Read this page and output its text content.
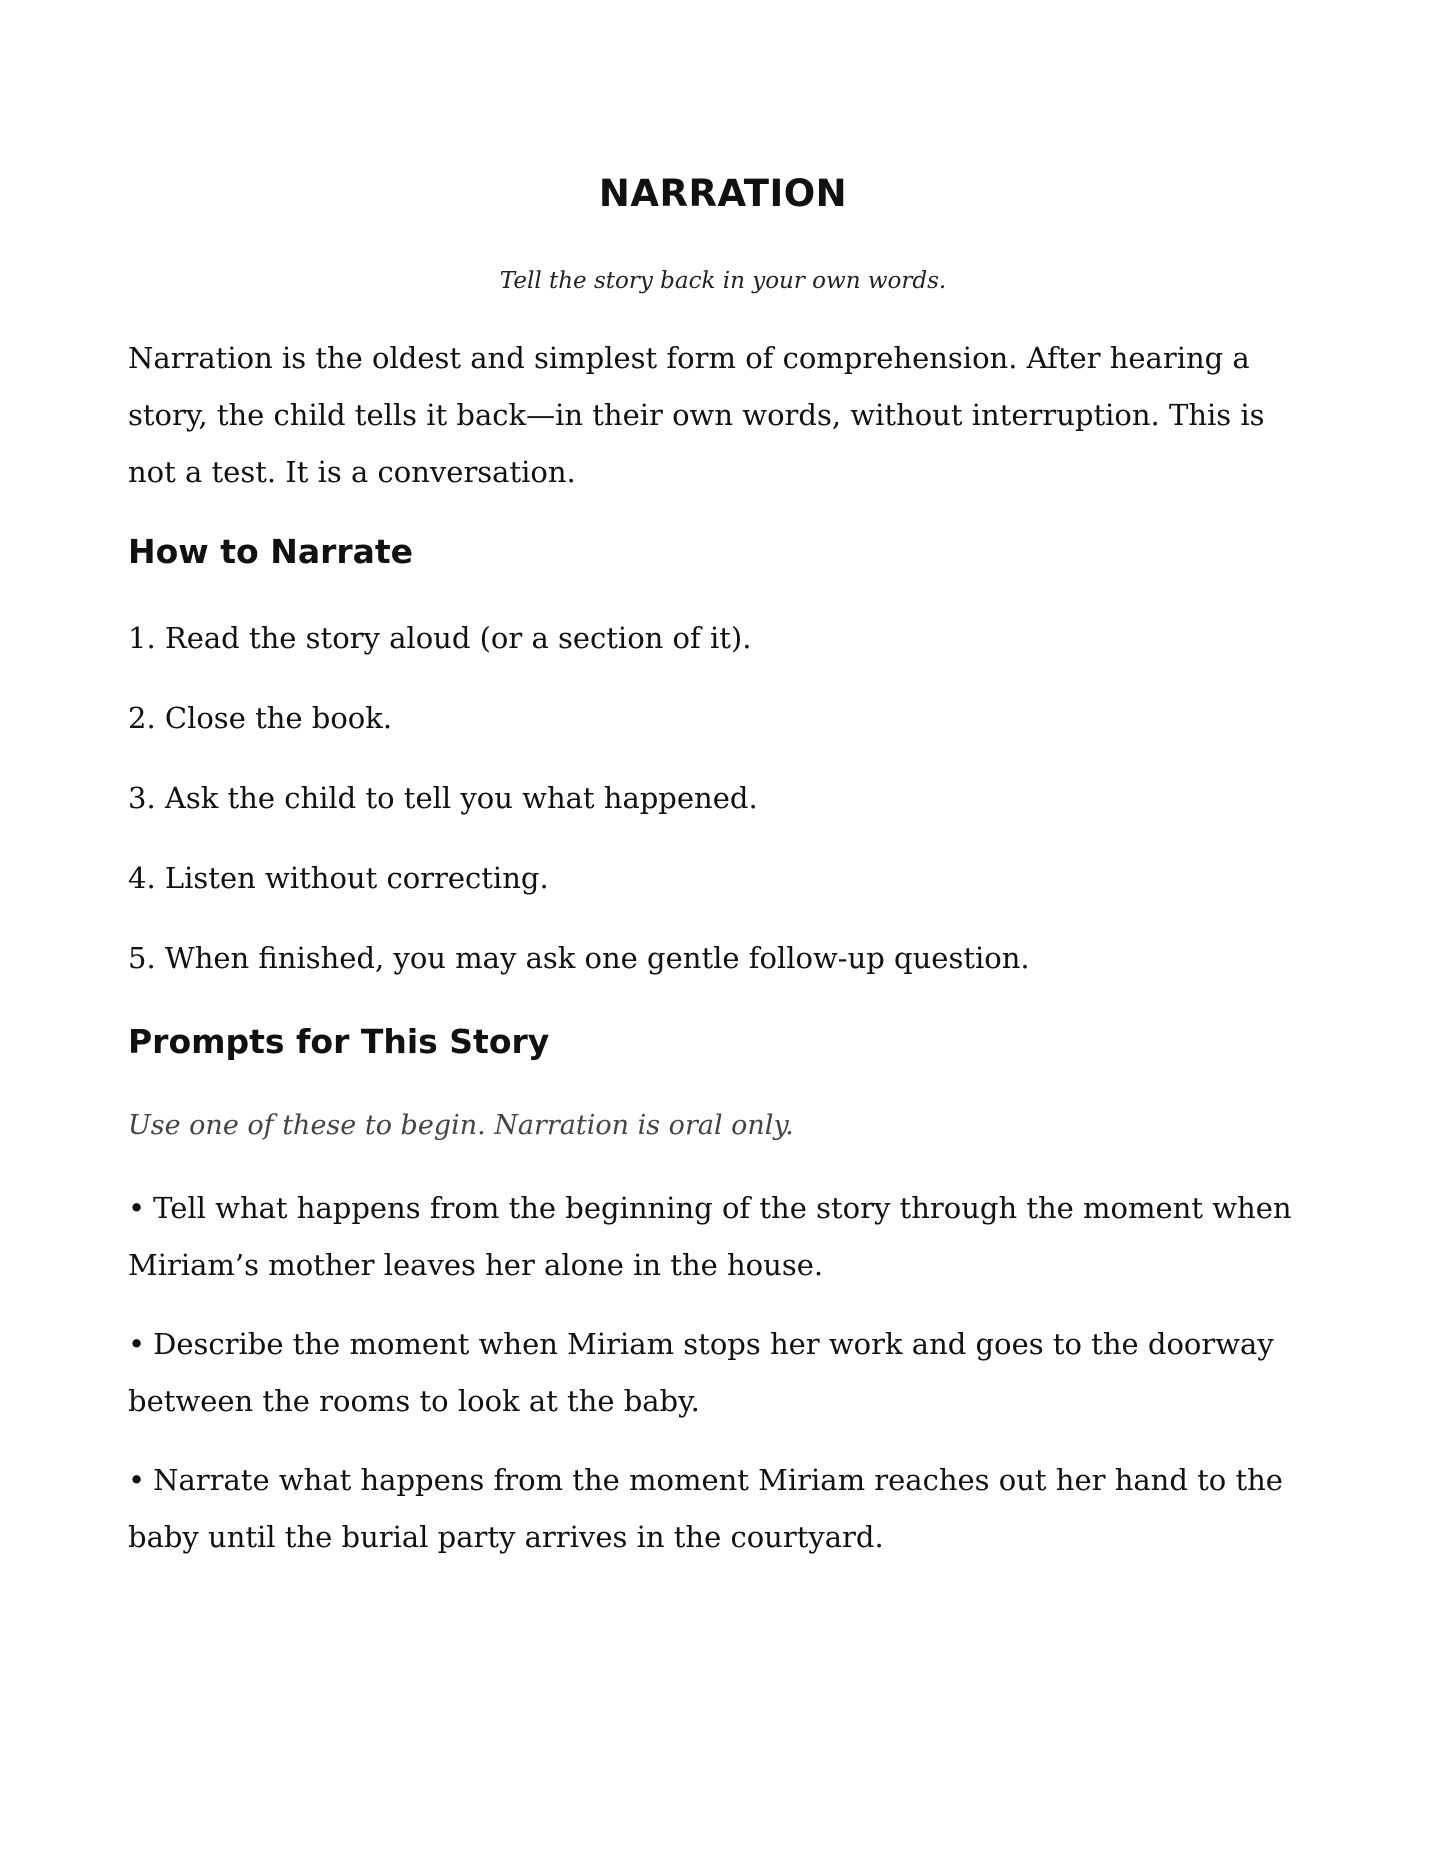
NARRATION

Tell the story back in your own words.

Narration is the oldest and simplest form of comprehension. After hearing a story, the child tells it back—in their own words, without interruption. This is not a test. It is a conversation.

How to Narrate
1. Read the story aloud (or a section of it).
2. Close the book.
3. Ask the child to tell you what happened.
4. Listen without correcting.
5. When finished, you may ask one gentle follow-up question.
Prompts for This Story

Use one of these to begin. Narration is oral only.

• Tell what happens from the beginning of the story through the moment when Miriam’s mother leaves her alone in the house.
• Describe the moment when Miriam stops her work and goes to the doorway between the rooms to look at the baby.
• Narrate what happens from the moment Miriam reaches out her hand to the baby until the burial party arrives in the courtyard.
